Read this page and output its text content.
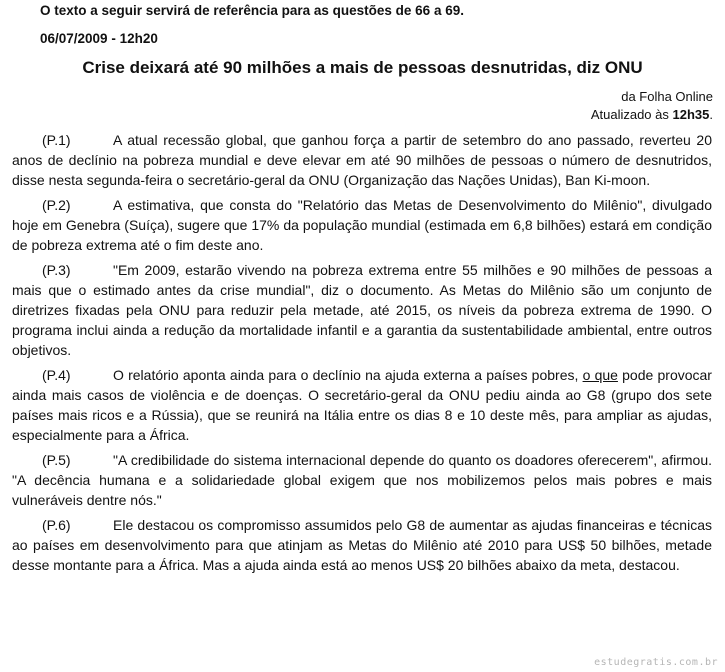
O texto a seguir servirá de referência para as questões de 66 a 69.
06/07/2009 - 12h20
Crise deixará até 90 milhões a mais de pessoas desnutridas, diz ONU
da Folha Online
Atualizado às 12h35.

(P.1)	A atual recessão global, que ganhou força a partir de setembro do ano passado, reverteu 20 anos de declínio na pobreza mundial e deve elevar em até 90 milhões de pessoas o número de desnutridos, disse nesta segunda-feira o secretário-geral da ONU (Organização das Nações Unidas), Ban Ki-moon.

(P.2)	A estimativa, que consta do "Relatório das Metas de Desenvolvimento do Milênio", divulgado hoje em Genebra (Suíça), sugere que 17% da população mundial (estimada em 6,8 bilhões) estará em condição de pobreza extrema até o fim deste ano.

(P.3)	"Em 2009, estarão vivendo na pobreza extrema entre 55 milhões e 90 milhões de pessoas a mais que o estimado antes da crise mundial", diz o documento. As Metas do Milênio são um conjunto de diretrizes fixadas pela ONU para reduzir pela metade, até 2015, os níveis da pobreza extrema de 1990. O programa inclui ainda a redução da mortalidade infantil e a garantia da sustentabilidade ambiental, entre outros objetivos.

(P.4)	O relatório aponta ainda para o declínio na ajuda externa a países pobres, o que pode provocar ainda mais casos de violência e de doenças. O secretário-geral da ONU pediu ainda ao G8 (grupo dos sete países mais ricos e a Rússia), que se reunirá na Itália entre os dias 8 e 10 deste mês, para ampliar as ajudas, especialmente para a África.

(P.5)	"A credibilidade do sistema internacional depende do quanto os doadores oferecerem", afirmou. "A decência humana e a solidariedade global exigem que nos mobilizemos pelos mais pobres e mais vulneráveis dentre nós."

(P.6)	Ele destacou os compromisso assumidos pelo G8 de aumentar as ajudas financeiras e técnicas ao países em desenvolvimento para que atinjam as Metas do Milênio até 2010 para US$ 50 bilhões, metade desse montante para a África. Mas a ajuda ainda está ao menos US$ 20 bilhões abaixo da meta, destacou.

estudegratis.com.br
